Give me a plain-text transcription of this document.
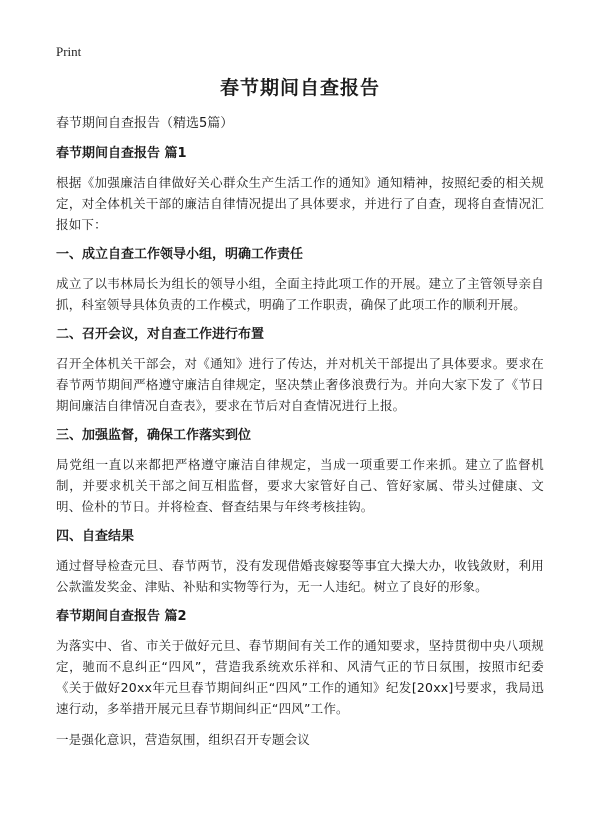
Print
春节期间自查报告

春节期间自查报告（精选5篇）

春节期间自查报告 篇1

根据《加强廉洁自律做好关心群众生产生活工作的通知》通知精神，按照纪委的相关规定，对全体机关干部的廉洁自律情况提出了具体要求，并进行了自查，现将自查情况汇报如下：

一、成立自查工作领导小组，明确工作责任

成立了以韦林局长为组长的领导小组，全面主持此项工作的开展。建立了主管领导亲自抓，科室领导具体负责的工作模式，明确了工作职责，确保了此项工作的顺利开展。

二、召开会议，对自查工作进行布置

召开全体机关干部会，对《通知》进行了传达，并对机关干部提出了具体要求。要求在春节两节期间严格遵守廉洁自律规定，坚决禁止奢侈浪费行为。并向大家下发了《节日期间廉洁自律情况自查表》，要求在节后对自查情况进行上报。

三、加强监督，确保工作落实到位

局党组一直以来都把严格遵守廉洁自律规定，当成一项重要工作来抓。建立了监督机制，并要求机关干部之间互相监督，要求大家管好自己、管好家属、带头过健康、文明、俭朴的节日。并将检查、督查结果与年终考核挂钩。

四、自查结果

通过督导检查元旦、春节两节，没有发现借婚丧嫁娶等事宜大操大办，收钱敛财，利用公款滥发奖金、津贴、补贴和实物等行为，无一人违纪。树立了良好的形象。

春节期间自查报告 篇2

为落实中、省、市关于做好元旦、春节期间有关工作的通知要求，坚持贯彻中央八项规定，驰而不息纠正“四风”，营造我系统欢乐祥和、风清气正的节日氛围，按照市纪委《关于做好20xx年元旦春节期间纠正“四风”工作的通知》纪发[20xx]号要求，我局迅速行动，多举措开展元旦春节期间纠正“四风”工作。

一是强化意识，营造氛围，组织召开专题会议
